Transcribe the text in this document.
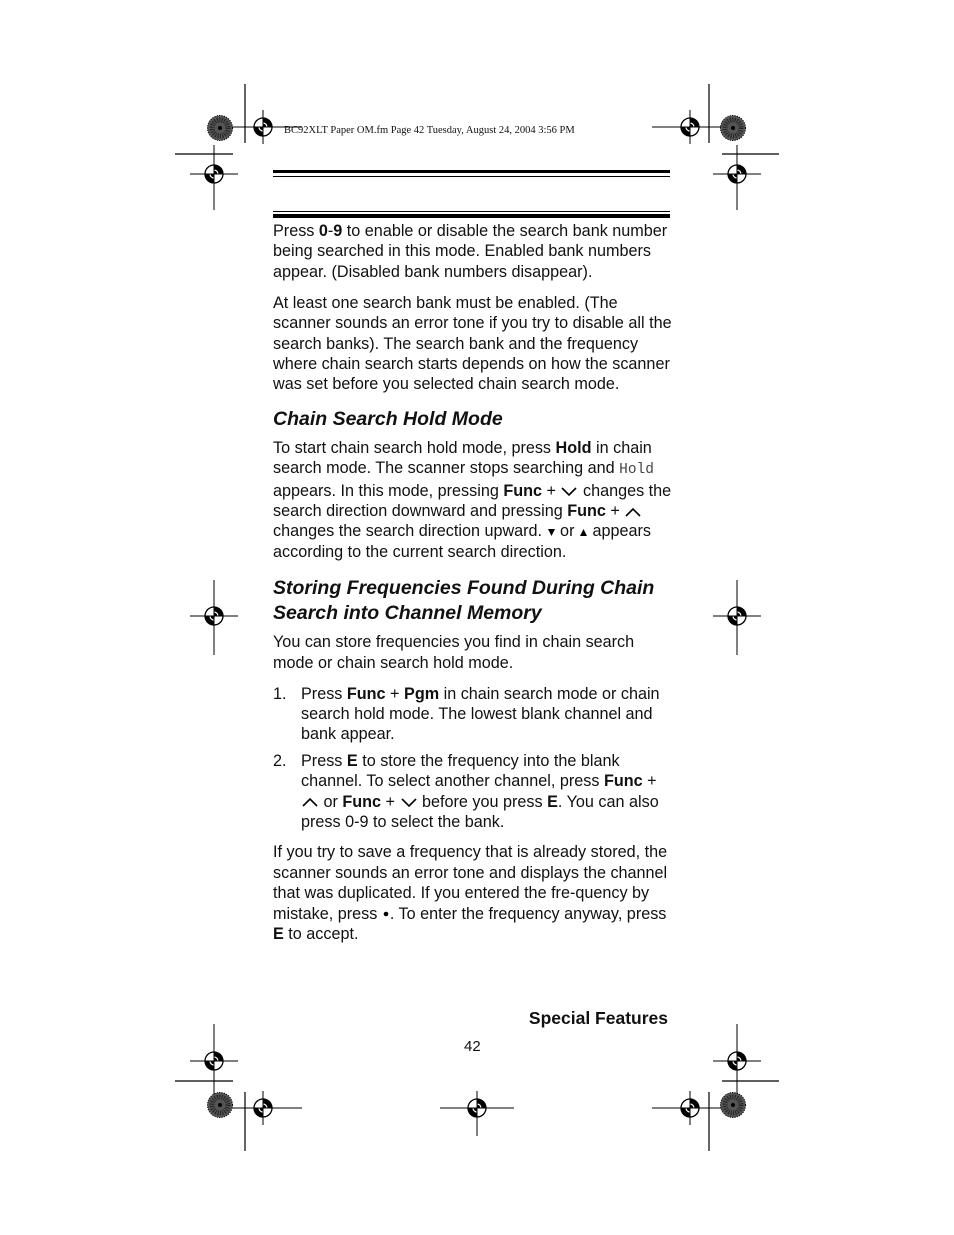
BC92XLT Paper OM.fm Page 42 Tuesday, August 24, 2004 3:56 PM

Press 0-9 to enable or disable the search bank number being searched in this mode. Enabled bank numbers appear. (Disabled bank numbers disappear).

At least one search bank must be enabled. (The scanner sounds an error tone if you try to disable all the search banks). The search bank and the frequency where chain search starts depends on how the scanner was set before you selected chain search mode.

Chain Search Hold Mode

To start chain search hold mode, press Hold in chain search mode. The scanner stops searching and Hold appears. In this mode, pressing Func +  changes the search direction downward and pressing Func +  changes the search direction upward.  or  appears according to the current search direction.

Storing Frequencies Found During Chain Search into Channel Memory

You can store frequencies you find in chain search mode or chain search hold mode.

1. Press Func + Pgm in chain search mode or chain search hold mode. The lowest blank channel and bank appear.
2. Press E to store the frequency into the blank channel. To select another channel, press Func +  or Func +  before you press E. You can also press 0-9 to select the bank.

If you try to save a frequency that is already stored, the scanner sounds an error tone and displays the channel that was duplicated. If you entered the fre-quency by mistake, press . To enter the frequency anyway, press E to accept.

Special Features
42
